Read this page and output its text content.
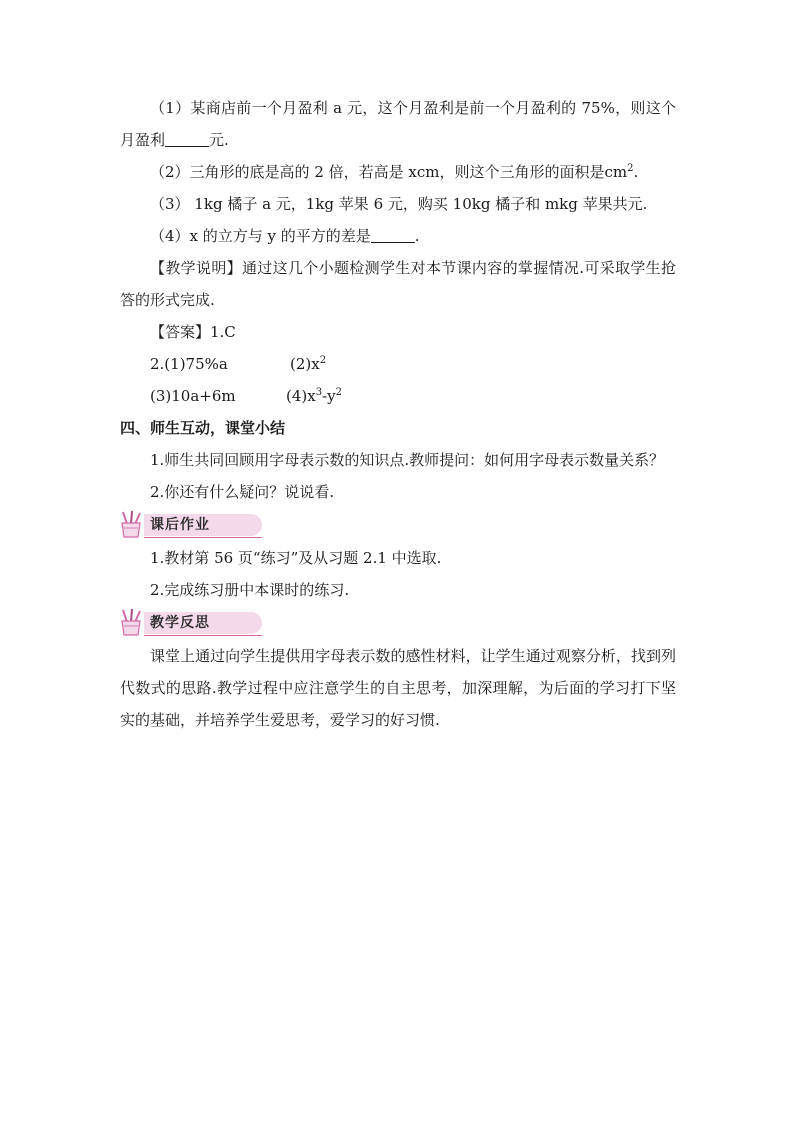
（1）某商店前一个月盈利 a 元，这个月盈利是前一个月盈利的 75%，则这个月盈利	元.

（2）三角形的底是高的 2 倍，若高是 xcm，则这个三角形的面积是$cm^2$.

（3） 1kg 橘子 a 元，1kg 苹果 6 元，购买 10kg 橘子和 mkg 苹果共元.

（4）x 的立方与 y 的平方的差是	.

【教学说明】通过这几个小题检测学生对本节课内容的掌握情况.可采取学生抢答的形式完成.

【答案】1.C

2.(1)75%a	$(2)x^2$

(3)10a+6m	$(4)x^3-y^2$

四、师生互动，课堂小结

1.师生共同回顾用字母表示数的知识点.教师提问：如何用字母表示数量关系？

2.你还有什么疑问？说说看.

课后作业

1.教材第 56 页“练习”及从习题 2.1 中选取.

2.完成练习册中本课时的练习.

教学反思

课堂上通过向学生提供用字母表示数的感性材料，让学生通过观察分析，找到列代数式的思路.教学过程中应注意学生的自主思考，加深理解，为后面的学习打下坚实的基础，并培养学生爱思考，爱学习的好习惯.
